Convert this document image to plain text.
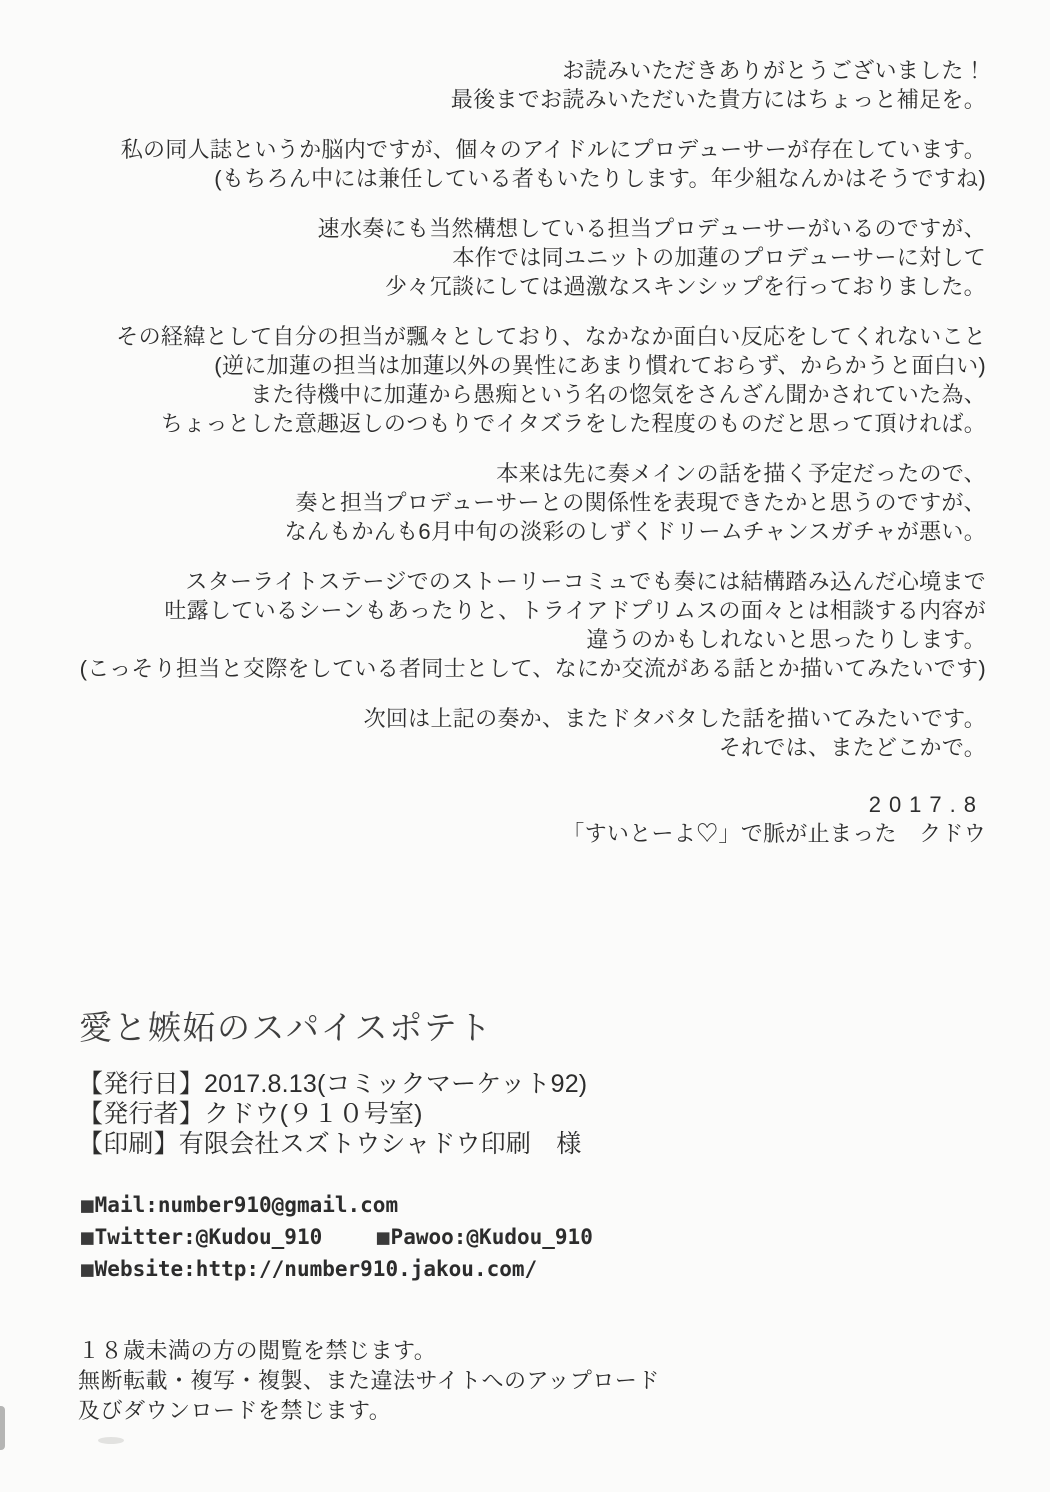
お読みいただきありがとうございました！
最後までお読みいただいた貴方にはちょっと補足を。

私の同人誌というか脳内ですが、個々のアイドルにプロデューサーが存在しています。
(もちろん中には兼任している者もいたりします。年少組なんかはそうですね)

速水奏にも当然構想している担当プロデューサーがいるのですが、
本作では同ユニットの加蓮のプロデューサーに対して
少々冗談にしては過激なスキンシップを行っておりました。

その経緯として自分の担当が飄々としており、なかなか面白い反応をしてくれないこと
(逆に加蓮の担当は加蓮以外の異性にあまり慣れておらず、からかうと面白い)
また待機中に加蓮から愚痴という名の惚気をさんざん聞かされていた為、
ちょっとした意趣返しのつもりでイタズラをした程度のものだと思って頂ければ。

本来は先に奏メインの話を描く予定だったので、
奏と担当プロデューサーとの関係性を表現できたかと思うのですが、
なんもかんも6月中旬の淡彩のしずくドリームチャンスガチャが悪い。

スターライトステージでのストーリーコミュでも奏には結構踏み込んだ心境まで
吐露しているシーンもあったりと、トライアドプリムスの面々とは相談する内容が
違うのかもしれないと思ったりします。
(こっそり担当と交際をしている者同士として、なにか交流がある話とか描いてみたいです)

次回は上記の奏か、またドタバタした話を描いてみたいです。
それでは、またどこかで。

2017.8
「すいとーよ♡」で脈が止まった　クドウ
愛と嫉妬のスパイスポテト
【発行日】2017.8.13(コミックマーケット92)
【発行者】クドウ(９１０号室)
【印刷】有限会社スズトウシャドウ印刷　様
■Mail:number910@gmail.com
■Twitter:@Kudou_910	■Pawoo:@Kudou_910
■Website:http://number910.jakou.com/
１８歳未満の方の閲覧を禁じます。
無断転載・複写・複製、また違法サイトへのアップロード
及びダウンロードを禁じます。
